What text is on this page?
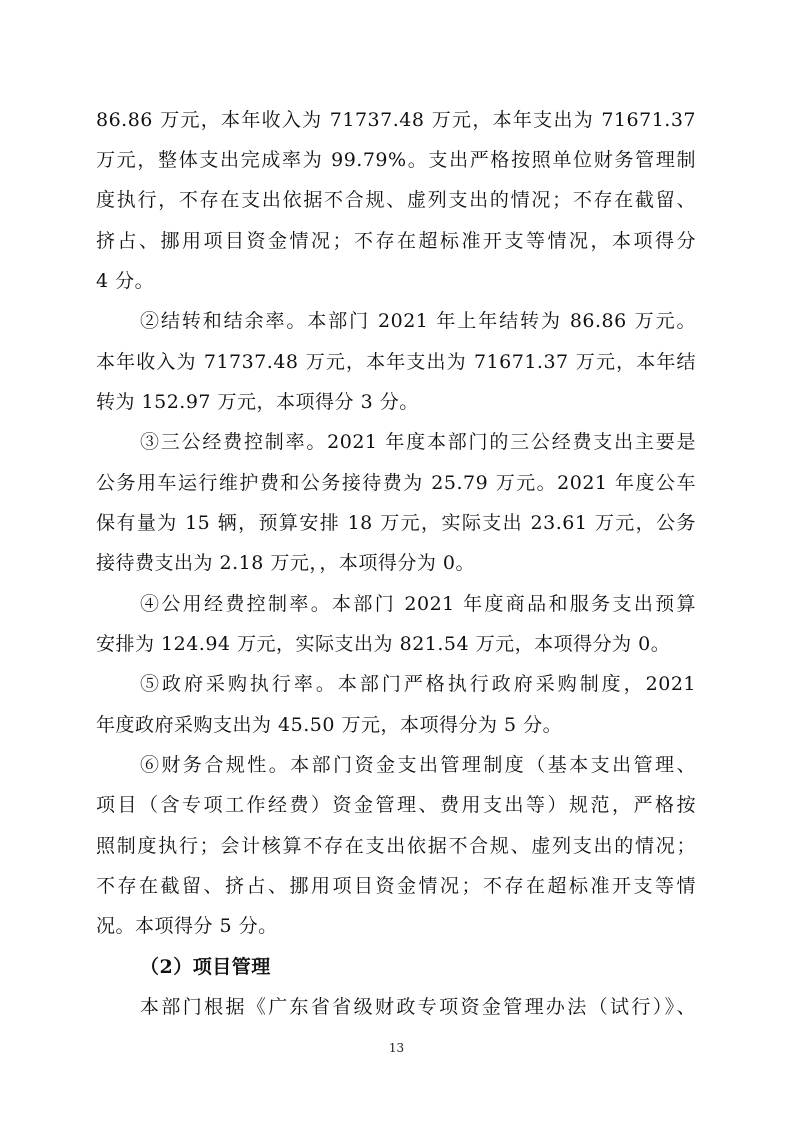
86.86 万元，本年收入为 71737.48 万元，本年支出为 71671.37
万元，整体支出完成率为 99.79%。支出严格按照单位财务管理制
度执行，不存在支出依据不合规、虚列支出的情况；不存在截留、
挤占、挪用项目资金情况；不存在超标准开支等情况，本项得分
4 分。
②结转和结余率。本部门 2021 年上年结转为 86.86 万元。
本年收入为 71737.48 万元，本年支出为 71671.37 万元，本年结
转为 152.97 万元，本项得分 3 分。
③三公经费控制率。2021 年度本部门的三公经费支出主要是
公务用车运行维护费和公务接待费为 25.79 万元。2021 年度公车
保有量为 15 辆，预算安排 18 万元，实际支出 23.61 万元，公务
接待费支出为 2.18 万元，，本项得分为 0。
④公用经费控制率。本部门 2021 年度商品和服务支出预算
安排为 124.94 万元，实际支出为 821.54 万元，本项得分为 0。
⑤政府采购执行率。本部门严格执行政府采购制度，2021
年度政府采购支出为 45.50 万元，本项得分为 5 分。
⑥财务合规性。本部门资金支出管理制度（基本支出管理、
项目（含专项工作经费）资金管理、费用支出等）规范，严格按
照制度执行；会计核算不存在支出依据不合规、虚列支出的情况；
不存在截留、挤占、挪用项目资金情况；不存在超标准开支等情
况。本项得分 5 分。
（2）项目管理
本部门根据《广东省省级财政专项资金管理办法（试行）》、
13
